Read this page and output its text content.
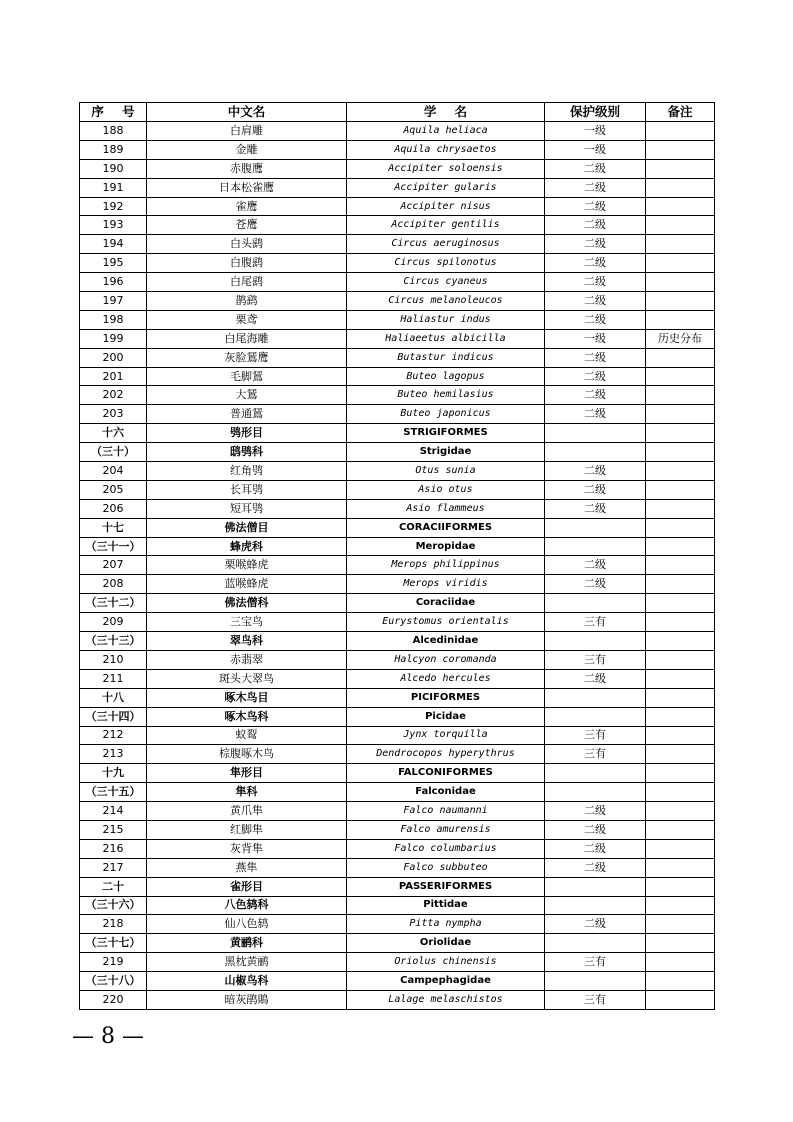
序 号	中文名	学 名	保护级别	备注
188	白肩雕	Aquila heliaca	一级	
189	金雕	Aquila chrysaetos	一级	
190	赤腹鹰	Accipiter soloensis	二级	
191	日本松雀鹰	Accipiter gularis	二级	
192	雀鹰	Accipiter nisus	二级	
193	苍鹰	Accipiter gentilis	二级	
194	白头鹞	Circus aeruginosus	二级	
195	白腹鹞	Circus spilonotus	二级	
196	白尾鹞	Circus cyaneus	二级	
197	鹊鹞	Circus melanoleucos	二级	
198	栗鸢	Haliastur indus	二级	
199	白尾海雕	Haliaeetus albicilla	一级	历史分布
200	灰脸鵟鹰	Butastur indicus	二级	
201	毛脚鵟	Buteo lagopus	二级	
202	大鵟	Buteo hemilasius	二级	
203	普通鵟	Buteo japonicus	二级	
十六	鸮形目	STRIGIFORMES		
（三十）	鸱鸮科	Strigidae		
204	红角鸮	Otus sunia	二级	
205	长耳鸮	Asio otus	二级	
206	短耳鸮	Asio flammeus	二级	
十七	佛法僧目	CORACIIFORMES		
（三十一）	蜂虎科	Meropidae		
207	栗喉蜂虎	Merops philippinus	二级	
208	蓝喉蜂虎	Merops viridis	二级	
（三十二）	佛法僧科	Coraciidae		
209	三宝鸟	Eurystomus orientalis	三有	
（三十三）	翠鸟科	Alcedinidae		
210	赤翡翠	Halcyon coromanda	三有	
211	斑头大翠鸟	Alcedo hercules	二级	
十八	啄木鸟目	PICIFORMES		
（三十四）	啄木鸟科	Picidae		
212	蚁䴕	Jynx torquilla	三有	
213	棕腹啄木鸟	Dendrocopos hyperythrus	三有	
十九	隼形目	FALCONIFORMES		
（三十五）	隼科	Falconidae		
214	黄爪隼	Falco naumanni	二级	
215	红脚隼	Falco amurensis	二级	
216	灰背隼	Falco columbarius	二级	
217	燕隼	Falco subbuteo	二级	
二十	雀形目	PASSERIFORMES		
（三十六）	八色鸫科	Pittidae		
218	仙八色鸫	Pitta nympha	二级	
（三十七）	黄鹂科	Oriolidae		
219	黑枕黄鹂	Oriolus chinensis	三有	
（三十八）	山椒鸟科	Campephagidae		
220	暗灰鹃鵙	Lalage melaschistos	三有	
— 8 —
